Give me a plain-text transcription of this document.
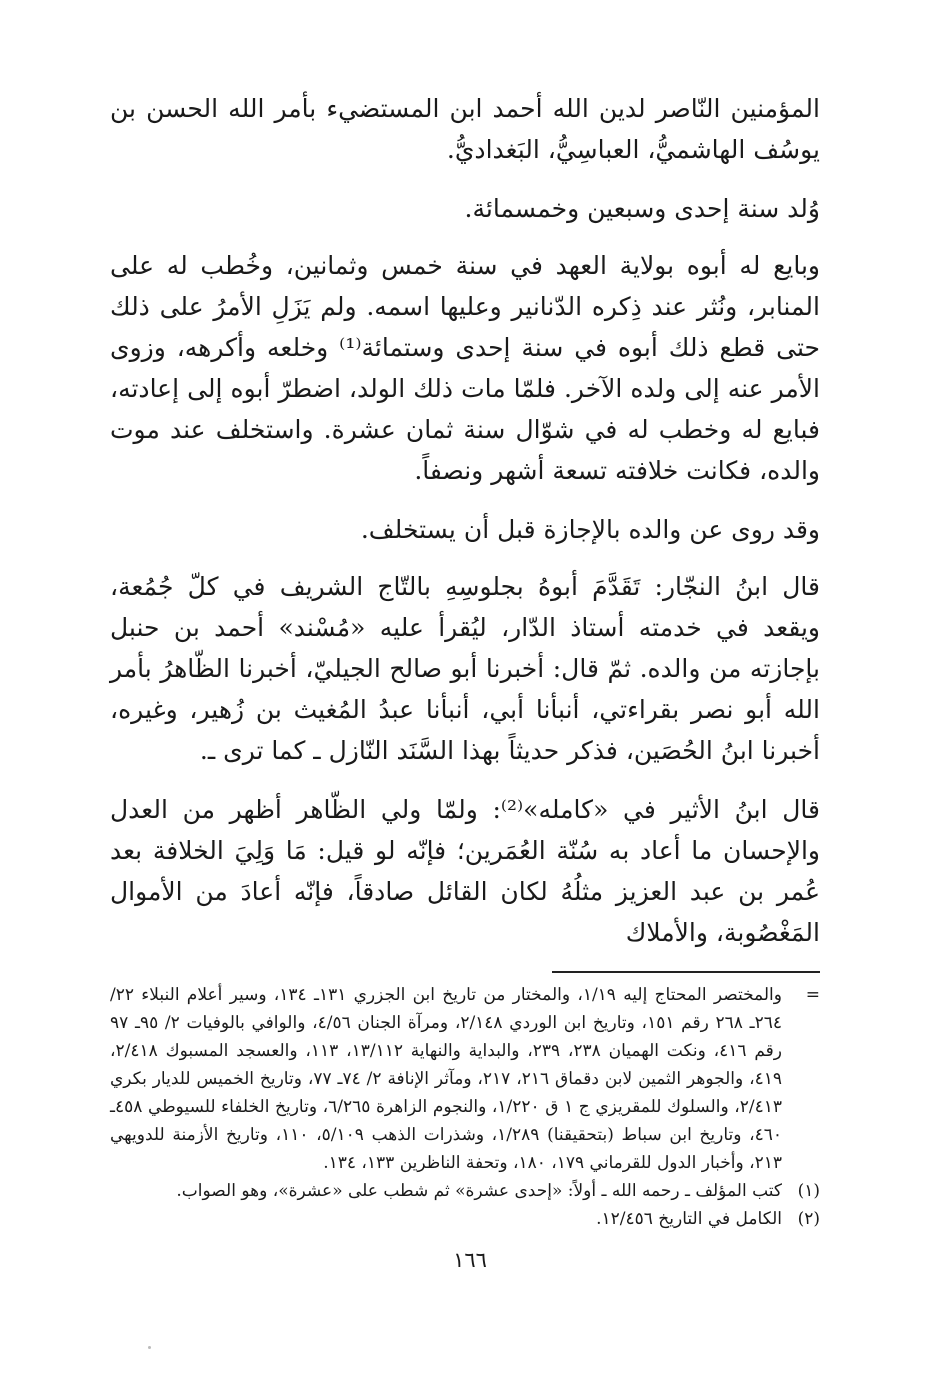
المؤمنين النّاصر لدين الله أحمد ابن المستضيء بأمر الله الحسن بن يوسُف الهاشميُّ، العباسِيُّ، البَغداديُّ.

وُلد سنة إحدى وسبعين وخمسمائة.

وبايع له أبوه بولاية العهد في سنة خمس وثمانين، وخُطب له على المنابر، ونُثر عند ذِكره الدّنانير وعليها اسمه. ولم يَزَلِ الأمرُ على ذلك حتى قطع ذلك أبوه في سنة إحدى وستمائة⁽¹⁾ وخلعه وأكرهه، وزوى الأمر عنه إلى ولده الآخر. فلمّا مات ذلك الولد، اضطرّ أبوه إلى إعادته، فبايع له وخطب له في شوّال سنة ثمان عشرة. واستخلف عند موت والده، فكانت خلافته تسعة أشهر ونصفاً.

وقد روى عن والده بالإجازة قبل أن يستخلف.

قال ابنُ النجّار: تَقَدَّمَ أبوهُ بجلوسِهِ بالتّاج الشريف في كلّ جُمُعة، ويقعد في خدمته أستاذ الدّار، ليُقرأ عليه «مُسْند» أحمد بن حنبل بإجازته من والده. ثمّ قال: أخبرنا أبو صالح الجيليّ، أخبرنا الظّاهرُ بأمر الله أبو نصر بقراءتي، أنبأنا أبي، أنبأنا عبدُ المُغيث بن زُهير، وغيره، أخبرنا ابنُ الحُصَين، فذكر حديثاً بهذا السَّنَد النّازل ـ كما ترى ـ.

قال ابنُ الأثير في «كامله»⁽²⁾: ولمّا ولي الظّاهر أظهر من العدل والإحسان ما أعاد به سُنّة العُمَرين؛ فإنّه لو قيل: مَا وَلِيَ الخلافة بعد عُمر بن عبد العزيز مثلُهُ لكان القائل صادقاً، فإنّه أعادَ من الأموال المَغْصُوبة، والأملاك

=
والمختصر المحتاج إليه ١/١٩، والمختار من تاريخ ابن الجزري ١٣١ـ ١٣٤، وسير أعلام النبلاء ٢٢/ ٢٦٤ـ ٢٦٨ رقم ١٥١، وتاريخ ابن الوردي ٢/١٤٨، ومرآة الجنان ٤/٥٦، والوافي بالوفيات ٢/ ٩٥ـ ٩٧ رقم ٤١٦، ونكت الهميان ٢٣٨، ٢٣٩، والبداية والنهاية ١٣/١١٢، ١١٣، والعسجد المسبوك ٢/٤١٨، ٤١٩، والجوهر الثمين لابن دقماق ٢١٦، ٢١٧، ومآثر الإنافة ٢/ ٧٤ـ ٧٧، وتاريخ الخميس للديار بكري ٢/٤١٣، والسلوك للمقريزي ج ١ ق ١/٢٢٠، والنجوم الزاهرة ٦/٢٦٥، وتاريخ الخلفاء للسيوطي ٤٥٨ـ ٤٦٠، وتاريخ ابن سباط (بتحقيقنا) ١/٢٨٩، وشذرات الذهب ٥/١٠٩، ١١٠، وتاريخ الأزمنة للدويهي ٢١٣، وأخبار الدول للقرماني ١٧٩، ١٨٠، وتحفة الناظرين ١٣٣، ١٣٤.
(١)
كتب المؤلف ـ رحمه الله ـ أولاً: «إحدى عشرة» ثم شطب على «عشرة»، وهو الصواب.
(٢)
الكامل في التاريخ ١٢/٤٥٦.
١٦٦
